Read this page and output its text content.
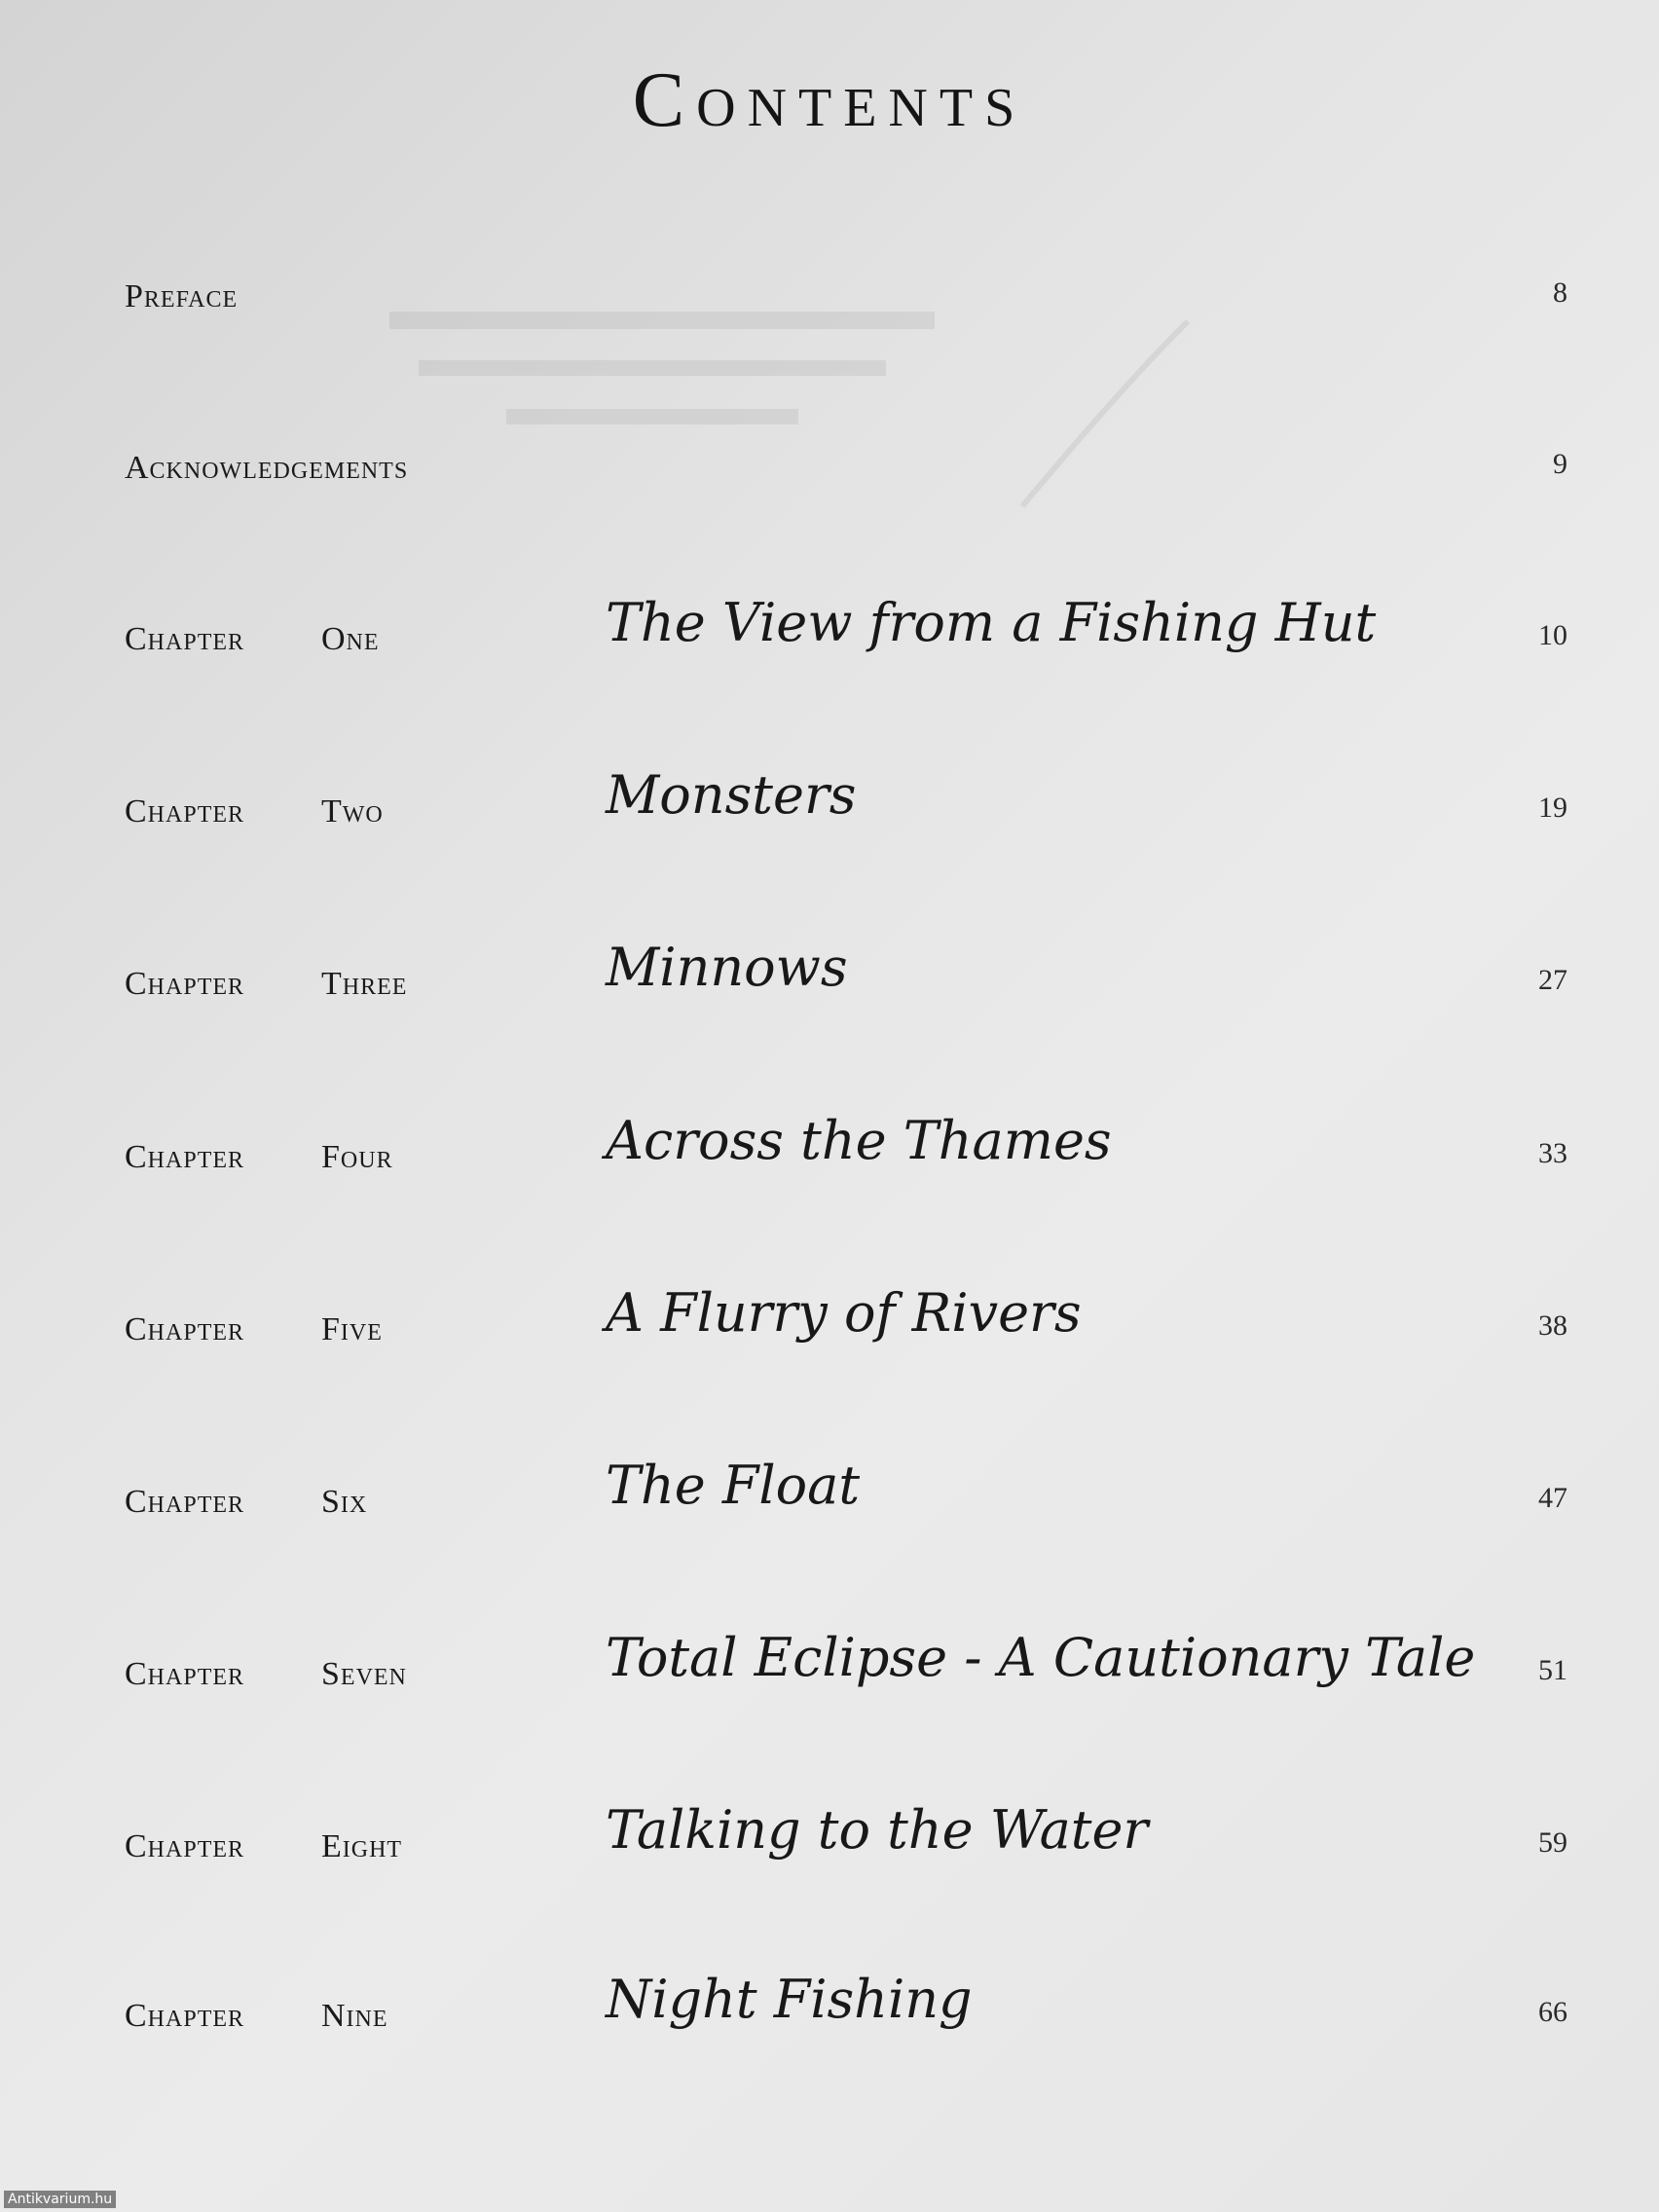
Contents
Preface	8
Acknowledgements	9
Chapter One	The View from a Fishing Hut	10
Chapter Two	Monsters	19
Chapter Three	Minnows	27
Chapter Four	Across the Thames	33
Chapter Five	A Flurry of Rivers	38
Chapter Six	The Float	47
Chapter Seven	Total Eclipse - A Cautionary Tale 51
Chapter Eight	Talking to the Water	59
Chapter Nine	Night Fishing	66
Antikvarium.hu
